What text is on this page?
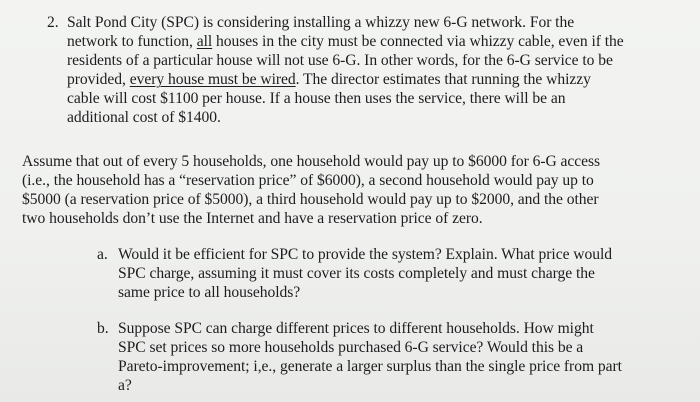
2. Salt Pond City (SPC) is considering installing a whizzy new 6-G network. For the
network to function, all houses in the city must be connected via whizzy cable, even if the
residents of a particular house will not use 6-G. In other words, for the 6-G service to be
provided, every house must be wired. The director estimates that running the whizzy
cable will cost $1100 per house. If a house then uses the service, there will be an
additional cost of $1400.
Assume that out of every 5 households, one household would pay up to $6000 for 6-G access
(i.e., the household has a “reservation price” of $6000), a second household would pay up to
$5000 (a reservation price of $5000), a third household would pay up to $2000, and the other
two households don’t use the Internet and have a reservation price of zero.
a. Would it be efficient for SPC to provide the system? Explain. What price would
SPC charge, assuming it must cover its costs completely and must charge the
same price to all households?
b. Suppose SPC can charge different prices to different households. How might
SPC set prices so more households purchased 6-G service? Would this be a
Pareto-improvement; i,e., generate a larger surplus than the single price from part
a?
